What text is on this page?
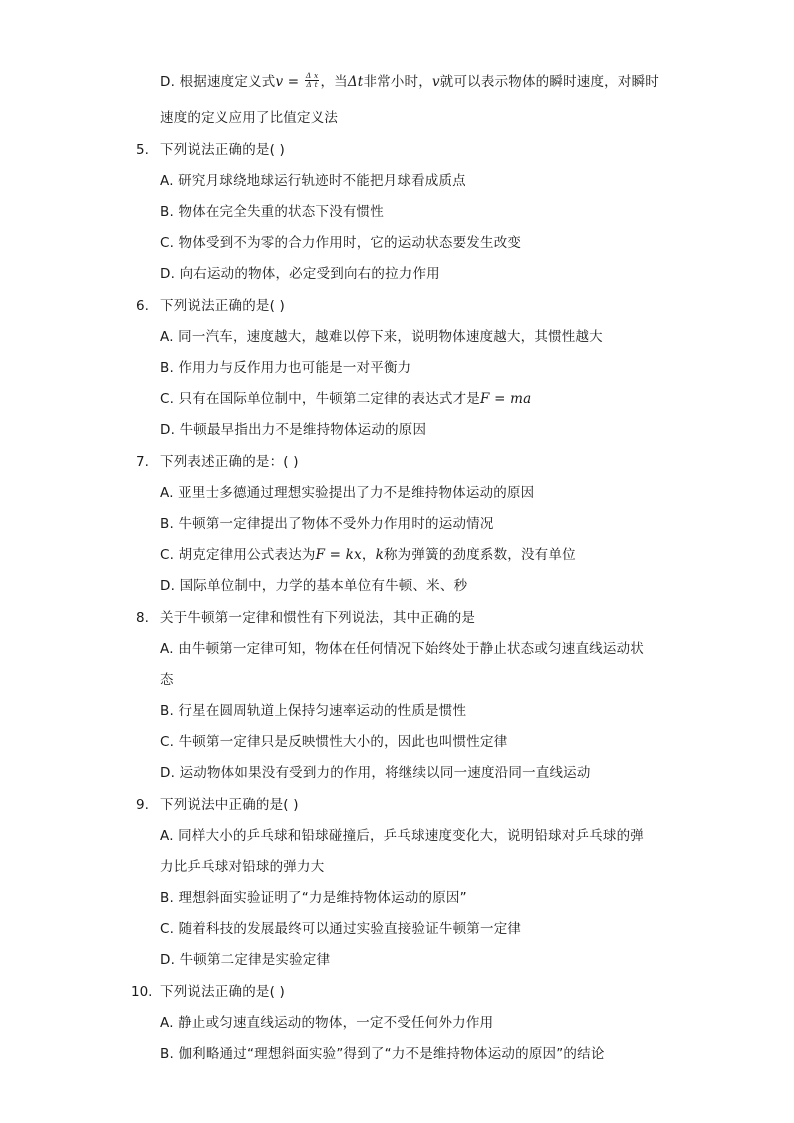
D. 根据速度定义式$v = \frac{\text{Δ x}}{\text{Δ t}}$ ，当Δt非常小时，v就可以表示物体的瞬时速度，对瞬时
速度的定义应用了比值定义法
5. 下列说法正确的是( )
A. 研究月球绕地球运行轨迹时不能把月球看成质点
B. 物体在完全失重的状态下没有惯性
C. 物体受到不为零的合力作用时，它的运动状态要发生改变
D. 向右运动的物体，必定受到向右的拉力作用
6. 下列说法正确的是( )
A. 同一汽车，速度越大，越难以停下来，说明物体速度越大，其惯性越大
B. 作用力与反作用力也可能是一对平衡力
C. 只有在国际单位制中，牛顿第二定律的表达式才是F = ma
D. 牛顿最早指出力不是维持物体运动的原因
7. 下列表述正确的是：( )
A. 亚里士多德通过理想实验提出了力不是维持物体运动的原因
B. 牛顿第一定律提出了物体不受外力作用时的运动情况
C. 胡克定律用公式表达为F = kx，k称为弹簧的劲度系数，没有单位
D. 国际单位制中，力学的基本单位有牛顿、米、秒
8. 关于牛顿第一定律和惯性有下列说法，其中正确的是
A. 由牛顿第一定律可知，物体在任何情况下始终处于静止状态或匀速直线运动状
态
B. 行星在圆周轨道上保持匀速率运动的性质是惯性
C. 牛顿第一定律只是反映惯性大小的，因此也叫惯性定律
D. 运动物体如果没有受到力的作用，将继续以同一速度沿同一直线运动
9. 下列说法中正确的是( )
A. 同样大小的乒乓球和铅球碰撞后，乒乓球速度变化大，说明铅球对乒乓球的弹
力比乒乓球对铅球的弹力大
B. 理想斜面实验证明了“力是维持物体运动的原因”
C. 随着科技的发展最终可以通过实验直接验证牛顿第一定律
D. 牛顿第二定律是实验定律
10. 下列说法正确的是( )
A. 静止或匀速直线运动的物体，一定不受任何外力作用
B. 伽利略通过“理想斜面实验”得到了“力不是维持物体运动的原因”的结论
